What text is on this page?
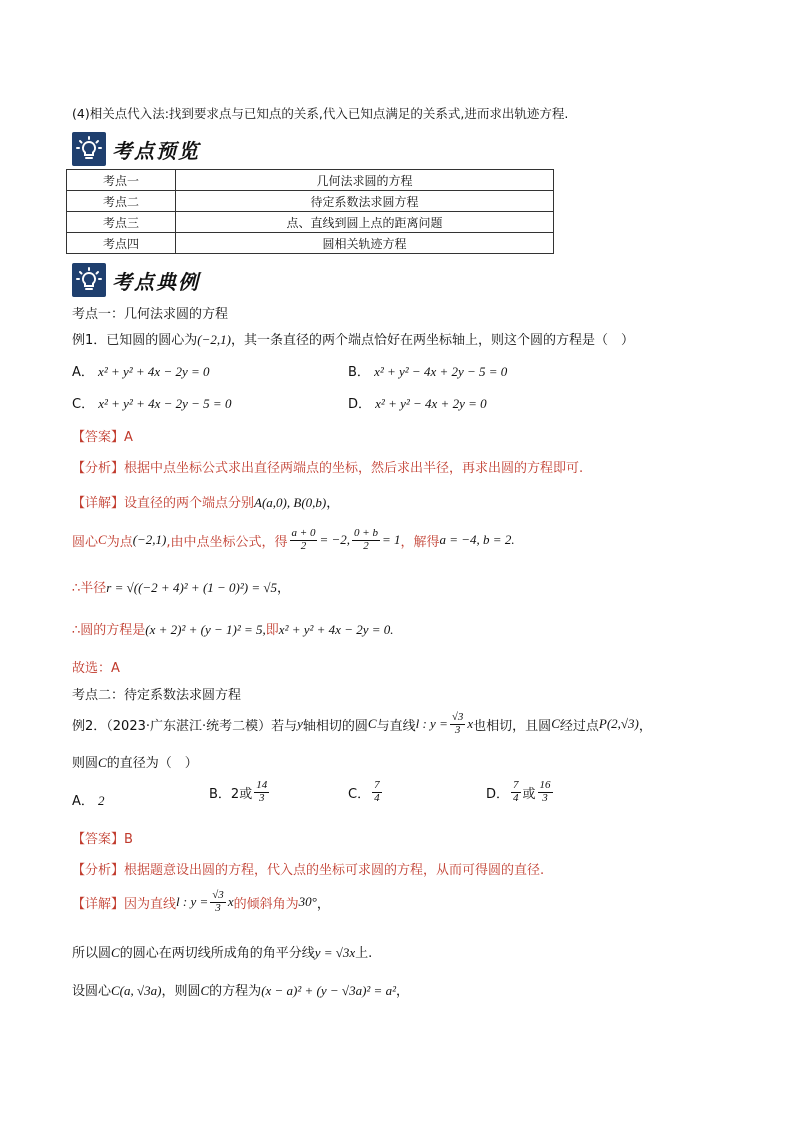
(4)相关点代入法:找到要求点与已知点的关系,代入已知点满足的关系式,进而求出轨迹方程.
考点预览
考点一	几何法求圆的方程
考点二	待定系数法求圆方程
考点三	点、直线到圆上点的距离问题
考点四	圆相关轨迹方程
考点典例
考点一：几何法求圆的方程
例1．已知圆的圆心为(−2,1)，其一条直径的两个端点恰好在两坐标轴上，则这个圆的方程是（　）
A． x² + y² + 4x − 2y = 0	B． x² + y² − 4x + 2y − 5 = 0
C． x² + y² + 4x − 2y − 5 = 0	D． x² + y² − 4x + 2y = 0
【答案】A
【分析】根据中点坐标公式求出直径两端点的坐标，然后求出半径，再求出圆的方程即可.
【详解】设直径的两个端点分别A(a,0), B(0,b)，
圆心 C 为点 (−2,1) ,由中点坐标公式，得 $\frac{a + 0}{2} = -2$, $\frac{0 + b}{2} = 1$ ，解得 a = −4, b = 2.
∴半径r = √((−2 + 4)² + (1 − 0)²) = √5，
∴圆的方程是(x + 2)² + (y − 1)² = 5,即x² + y² + 4x − 2y = 0.
故选：A
考点二：待定系数法求圆方程
例2．（2023·广东湛江·统考二模）若与 y 轴相切的圆 C 与直线 l : $y = \frac{√3}{3}$ x 也相切，且圆 C 经过点 P(2,√3) ，
则圆C的直径为（　）
A． 2	B． 2或 $\frac{14}{3}$	C． $\frac{7}{4}$	D． $\frac{7}{4}$ 或 $\frac{16}{3}$
【答案】B
【分析】根据题意设出圆的方程，代入点的坐标可求圆的方程，从而可得圆的直径.
【详解】 因为直线 l : $y = \frac{√3}{3}$ x 的倾斜角为 30° ，
所以圆C的圆心在两切线所成角的角平分线y = √3x上.
设圆心C(a, √3a)，则圆C的方程为(x − a)² + (y − √3a)² = a²，
